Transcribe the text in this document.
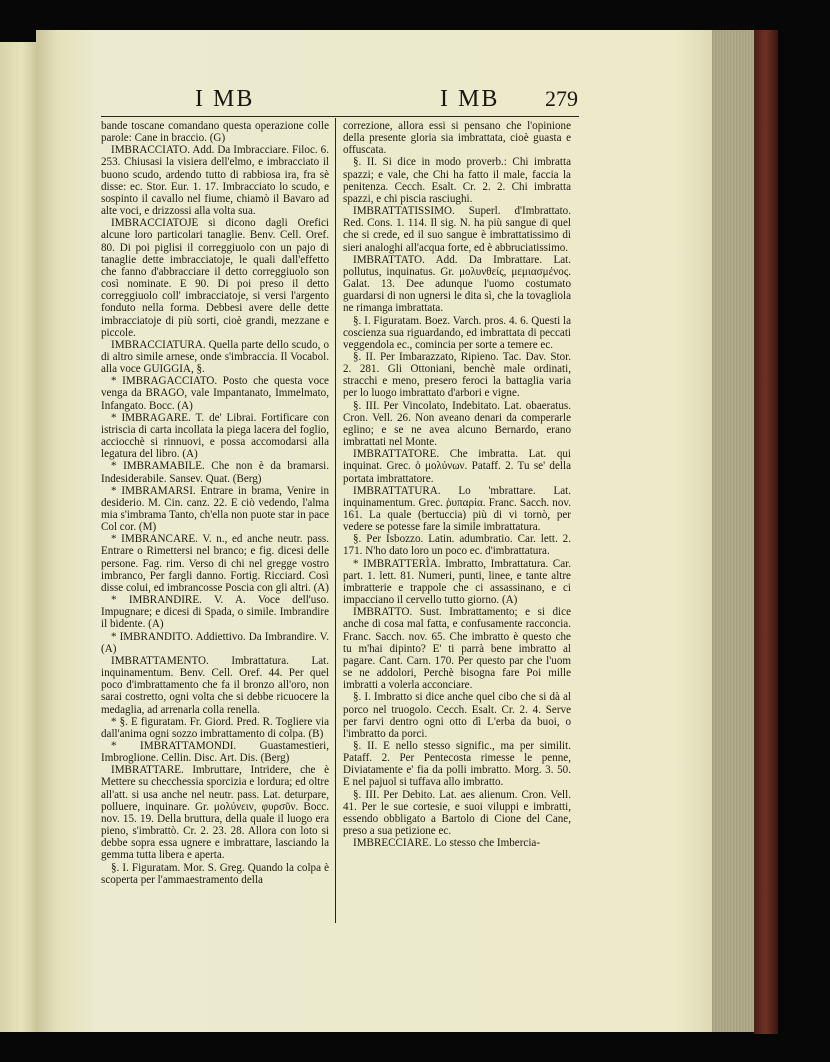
I MB	I MB 279

bande toscane comandano questa operazione colle parole: Cane in braccio. (G)

IMBRACCIATO. Add. Da Imbracciare. Filoc. 6. 253. Chiusasi la visiera dell'elmo, e imbracciato il buono scudo, ardendo tutto di rabbiosa ira, fra sè disse: ec. Stor. Eur. 1. 17. Imbracciato lo scudo, e sospinto il cavallo nel fiume, chiamò il Bavaro ad alte voci, e drizzossi alla volta sua.

IMBRACCIATOJE si dicono dagli Orefici alcune loro particolari tanaglie. Benv. Cell. Oref. 80. Di poi piglisi il correggiuolo con un pajo di tanaglie dette imbracciatoje, le quali dall'effetto che fanno d'abbracciare il detto correggiuolo son così nominate. E 90. Di poi preso il detto correggiuolo coll' imbracciatoje, si versi l'argento fonduto nella forma. Debbesi avere delle dette imbracciatoje di più sorti, cioè grandi, mezzane e piccole.

IMBRACCIATURA. Quella parte dello scudo, o di altro simile arnese, onde s'imbraccia. Il Vocabol. alla voce GUIGGIA, §.

* IMBRAGACCIATO. Posto che questa voce venga da BRAGO, vale Impantanato, Immelmato, Infangato. Bocc. (A)

* IMBRAGARE. T. de' Librai. Fortificare con istriscia di carta incollata la piega lacera del foglio, acciocchè si rinnuovi, e possa accomodarsi alla legatura del libro. (A)

* IMBRAMABILE. Che non è da bramarsi. Indesiderabile. Sansev. Quat. (Berg)

* IMBRAMARSI. Entrare in brama, Venire in desiderio. M. Cin. canz. 22. E ciò vedendo, l'alma mia s'imbrama Tanto, ch'ella non puote star in pace Col cor. (M)

* IMBRANCARE. V. n., ed anche neutr. pass. Entrare o Rimettersi nel branco; e fig. dicesi delle persone. Fag. rim. Verso di chi nel gregge vostro imbranco, Per fargli danno. Fortig. Ricciard. Così disse colui, ed imbrancosse Poscia con gli altri. (A)

* IMBRANDIRE. V. A. Voce dell'uso. Impugnare; e dicesi di Spada, o simile. Imbrandire il bidente. (A)

* IMBRANDITO. Addiettivo. Da Imbrandire. V. (A)

IMBRATTAMENTO. Imbrattatura. Lat. inquinamentum. Benv. Cell. Oref. 44. Per quel poco d'imbrattamento che fa il bronzo all'oro, non sarai costretto, ogni volta che si debbe ricuocere la medaglia, ad arrenarla colla renella.

* §. E figuratam. Fr. Giord. Pred. R. Togliere via dall'anima ogni sozzo imbrattamento di colpa. (B)

* IMBRATTAMONDI. Guastamestieri, Imbroglione. Cellin. Disc. Art. Dis. (Berg)

IMBRATTARE. Imbruttare, Intridere, che è Mettere su checchessia sporcizia e lordura; ed oltre all'att. si usa anche nel neutr. pass. Lat. deturpare, polluere, inquinare. Gr. μολύνειν, φυρσῦν. Bocc. nov. 15. 19. Della bruttura, della quale il luogo era pieno, s'imbrattò. Cr. 2. 23. 28. Allora con loto si debbe sopra essa ugnere e imbrattare, lasciando la gemma tutta libera e aperta.

§. I. Figuratam. Mor. S. Greg. Quando la colpa è scoperta per l'ammaestramento della

correzione, allora essi si pensano che l'opinione della presente gloria sia imbrattata, cioè guasta e offuscata.

§. II. Si dice in modo proverb.: Chi imbratta spazzi; e vale, che Chi ha fatto il male, faccia la penitenza. Cecch. Esalt. Cr. 2. 2. Chi imbratta spazzi, e chi piscia rasciughi.

IMBRATTATISSIMO. Superl. d'Imbrattato. Red. Cons. 1. 114. Il sig. N. ha più sangue di quel che si crede, ed il suo sangue è imbrattatissimo di sieri analoghi all'acqua forte, ed è abbruciatissimo.

IMBRATTATO. Add. Da Imbrattare. Lat. pollutus, inquinatus. Gr. μολυνθείς, μεμιασμένος. Galat. 13. Dee adunque l'uomo costumato guardarsi di non ugnersi le dita sì, che la tovagliola ne rimanga imbrattata.

§. I. Figuratam. Boez. Varch. pros. 4. 6. Questi la coscienza sua riguardando, ed imbrattata di peccati veggendola ec., comincia per sorte a temere ec.

§. II. Per Imbarazzato, Ripieno. Tac. Dav. Stor. 2. 281. Gli Ottoniani, benchè male ordinati, stracchi e meno, presero feroci la battaglia varia per lo luogo imbrattato d'arbori e vigne.

§. III. Per Vincolato, Indebitato. Lat. obaeratus. Cron. Vell. 26. Non aveano denari da comperarle eglino; e se ne avea alcuno Bernardo, erano imbrattati nel Monte.

IMBRATTATORE. Che imbratta. Lat. qui inquinat. Grec. ὁ μολύνων. Pataff. 2. Tu se' della portata imbrattatore.

IMBRATTATURA. Lo 'mbrattare. Lat. inquinamentum. Grec. ῥυπαρία. Franc. Sacch. nov. 161. La quale (bertuccia) più di vi tornò, per vedere se potesse fare la simile imbrattatura.

§. Per Isbozzo. Latin. adumbratio. Car. lett. 2. 171. N'ho dato loro un poco ec. d'imbrattatura.

* IMBRATTERÌA. Imbratto, Imbrattatura. Car. part. 1. lett. 81. Numeri, punti, linee, e tante altre imbratterie e trappole che ci assassinano, e ci impacciano il cervello tutto giorno. (A)

IMBRATTO. Sust. Imbrattamento; e si dice anche di cosa mal fatta, e confusamente racconcia. Franc. Sacch. nov. 65. Che imbratto è questo che tu m'hai dipinto? E' ti parrà bene imbratto al pagare. Cant. Carn. 170. Per questo par che l'uom se ne addolori, Perchè bisogna fare Poi mille imbratti a volerla acconciare.

§. I. Imbratto si dice anche quel cibo che si dà al porco nel truogolo. Cecch. Esalt. Cr. 2. 4. Serve per farvi dentro ogni otto dì L'erba da buoi, o l'imbratto da porci.

§. II. E nello stesso signific., ma per similit. Pataff. 2. Per Pentecosta rimesse le penne, Diviatamente e' fia da polli imbratto. Morg. 3. 50. E nel pajuol si tuffava allo imbratto.

§. III. Per Debito. Lat. aes alienum. Cron. Vell. 41. Per le sue cortesie, e suoi viluppi e imbratti, essendo obbligato a Bartolo di Cione del Cane, preso a sua petizione ec.

IMBRECCIARE. Lo stesso che Imbercia-
